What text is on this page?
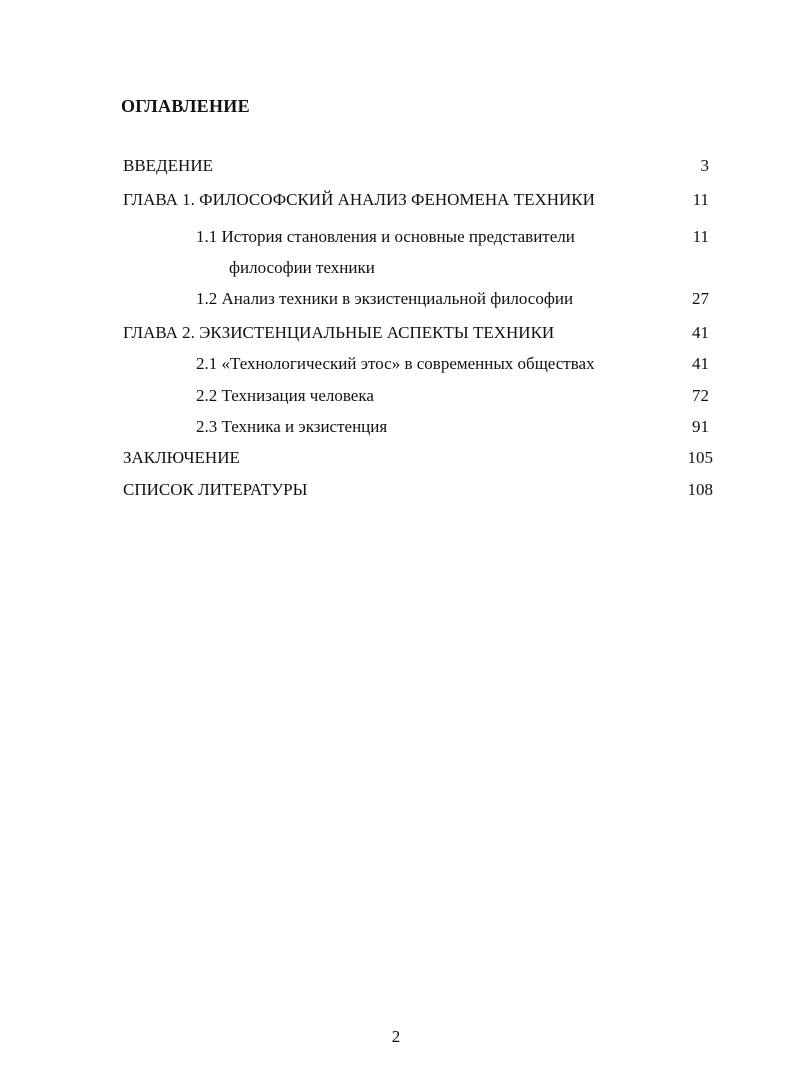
ОГЛАВЛЕНИЕ
ВВЕДЕНИЕ	3
ГЛАВА 1. ФИЛОСОФСКИЙ АНАЛИЗ ФЕНОМЕНА ТЕХНИКИ	11
1.1 История становления и основные представители	11
философии техники
1.2 Анализ техники в экзистенциальной философии	27
ГЛАВА 2. ЭКЗИСТЕНЦИАЛЬНЫЕ АСПЕКТЫ ТЕХНИКИ	41
2.1 «Технологический этос» в современных обществах	41
2.2 Технизация человека	72
2.3 Техника и экзистенция	91
ЗАКЛЮЧЕНИЕ	105
СПИСОК ЛИТЕРАТУРЫ	108
2
